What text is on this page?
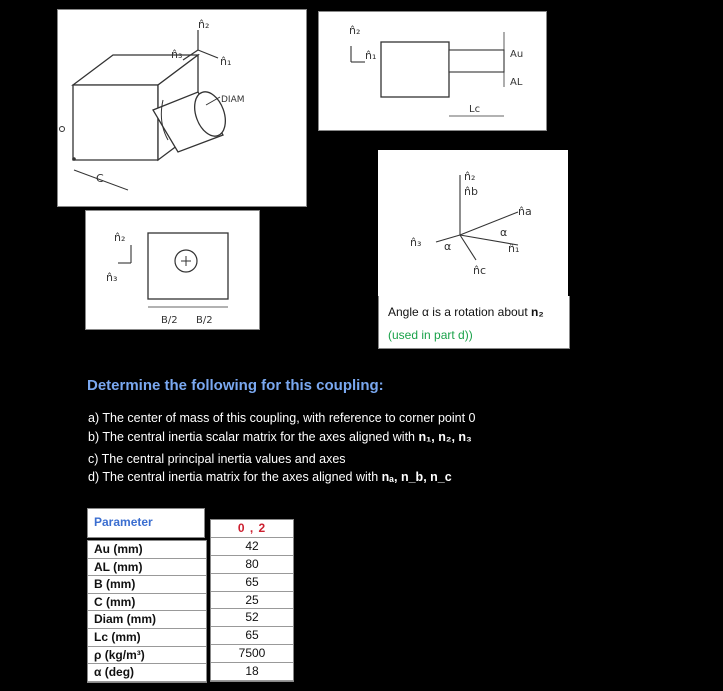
n̂₂
n̂₃
n̂₁
DIAM
C
n̂₂
n̂₁	Au
AL
Lc
n̂₂
n̂₃
B/2 B/2
n̂₂
n̂b
n̂a
n̂₁
n̂₃
n̂c
α
α
Angle α is a rotation about n₂
(used in part d))
Determine the following for this coupling:
a) The center of mass of this coupling, with reference to corner point 0
b) The central inertia scalar matrix for the axes aligned with n₁, n₂, n₃
c) The central principal inertia values and axes
d) The central inertia matrix for the axes aligned with nₐ, n_b, n_c
Parameter
Au (mm)
AL (mm)
B (mm)
C (mm)
Diam (mm)
Lc (mm)
ρ (kg/m³)
α (deg)
0 , 2
42
80
65
25
52
65
7500
18
